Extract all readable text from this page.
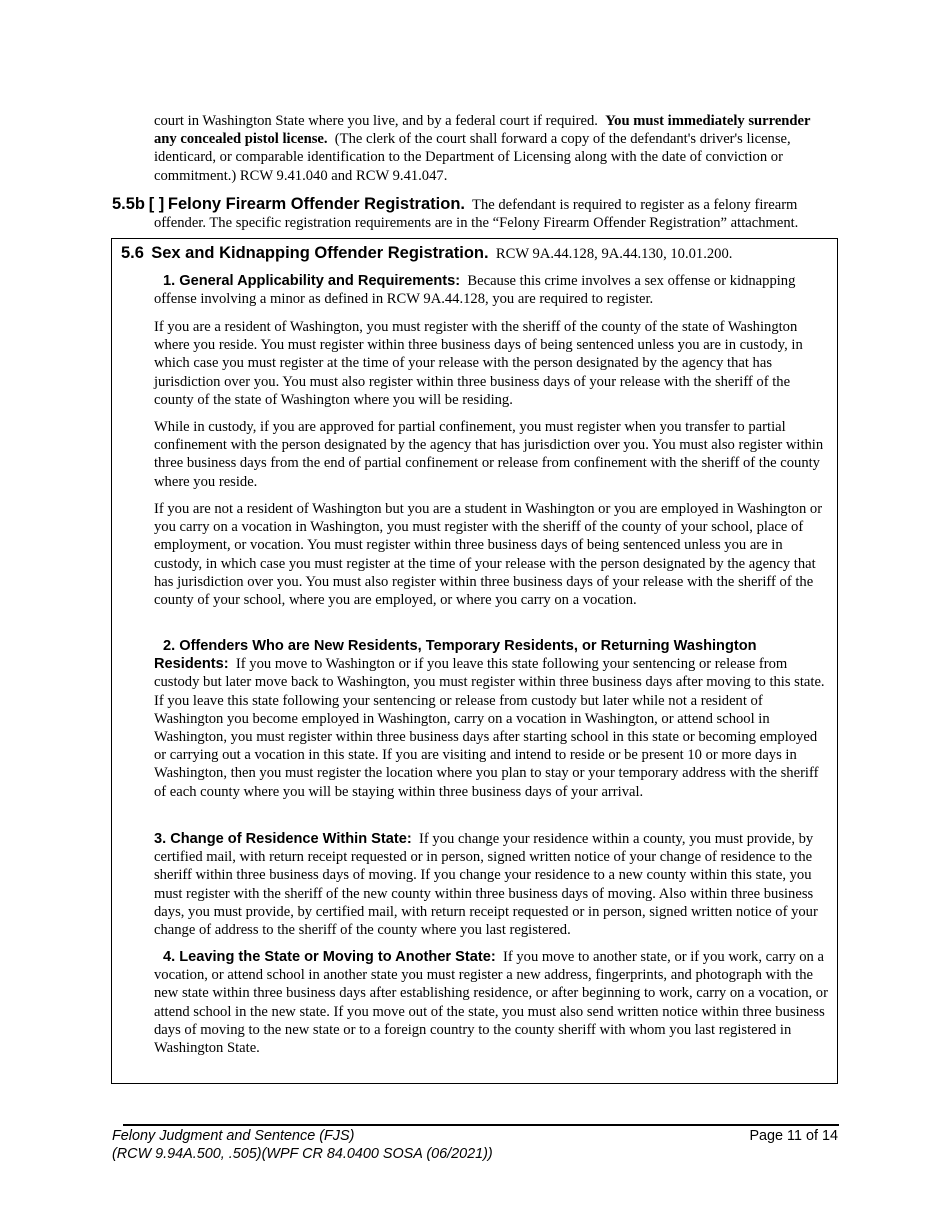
court in Washington State where you live, and by a federal court if required. You must immediately surrender any concealed pistol license. (The clerk of the court shall forward a copy of the defendant's driver's license, identicard, or comparable identification to the Department of Licensing along with the date of conviction or commitment.) RCW 9.41.040 and RCW 9.41.047.

5.5b [ ] Felony Firearm Offender Registration. The defendant is required to register as a felony firearm

offender. The specific registration requirements are in the “Felony Firearm Offender Registration” attachment.

5.6 Sex and Kidnapping Offender Registration. RCW 9A.44.128, 9A.44.130, 10.01.200.

1. General Applicability and Requirements: Because this crime involves a sex offense or kidnapping offense involving a minor as defined in RCW 9A.44.128, you are required to register.

If you are a resident of Washington, you must register with the sheriff of the county of the state of Washington where you reside. You must register within three business days of being sentenced unless you are in custody, in which case you must register at the time of your release with the person designated by the agency that has jurisdiction over you. You must also register within three business days of your release with the sheriff of the county of the state of Washington where you will be residing.

While in custody, if you are approved for partial confinement, you must register when you transfer to partial confinement with the person designated by the agency that has jurisdiction over you. You must also register within three business days from the end of partial confinement or release from confinement with the sheriff of the county where you reside.

If you are not a resident of Washington but you are a student in Washington or you are employed in Washington or you carry on a vocation in Washington, you must register with the sheriff of the county of your school, place of employment, or vocation. You must register within three business days of being sentenced unless you are in custody, in which case you must register at the time of your release with the person designated by the agency that has jurisdiction over you. You must also register within three business days of your release with the sheriff of the county of your school, where you are employed, or where you carry on a vocation.

2. Offenders Who are New Residents, Temporary Residents, or Returning Washington Residents: If you move to Washington or if you leave this state following your sentencing or release from custody but later move back to Washington, you must register within three business days after moving to this state. If you leave this state following your sentencing or release from custody but later while not a resident of Washington you become employed in Washington, carry on a vocation in Washington, or attend school in Washington, you must register within three business days after starting school in this state or becoming employed or carrying out a vocation in this state. If you are visiting and intend to reside or be present 10 or more days in Washington, then you must register the location where you plan to stay or your temporary address with the sheriff of each county where you will be staying within three business days of your arrival.

3. Change of Residence Within State: If you change your residence within a county, you must provide, by certified mail, with return receipt requested or in person, signed written notice of your change of residence to the sheriff within three business days of moving. If you change your residence to a new county within this state, you must register with the sheriff of the new county within three business days of moving. Also within three business days, you must provide, by certified mail, with return receipt requested or in person, signed written notice of your change of address to the sheriff of the county where you last registered.

4. Leaving the State or Moving to Another State: If you move to another state, or if you work, carry on a vocation, or attend school in another state you must register a new address, fingerprints, and photograph with the new state within three business days after establishing residence, or after beginning to work, carry on a vocation, or attend school in the new state. If you move out of the state, you must also send written notice within three business days of moving to the new state or to a foreign country to the county sheriff with whom you last registered in Washington State.

Felony Judgment and Sentence (FJS)
(RCW 9.94A.500, .505)(WPF CR 84.0400 SOSA (06/2021))
Page 11 of 14
